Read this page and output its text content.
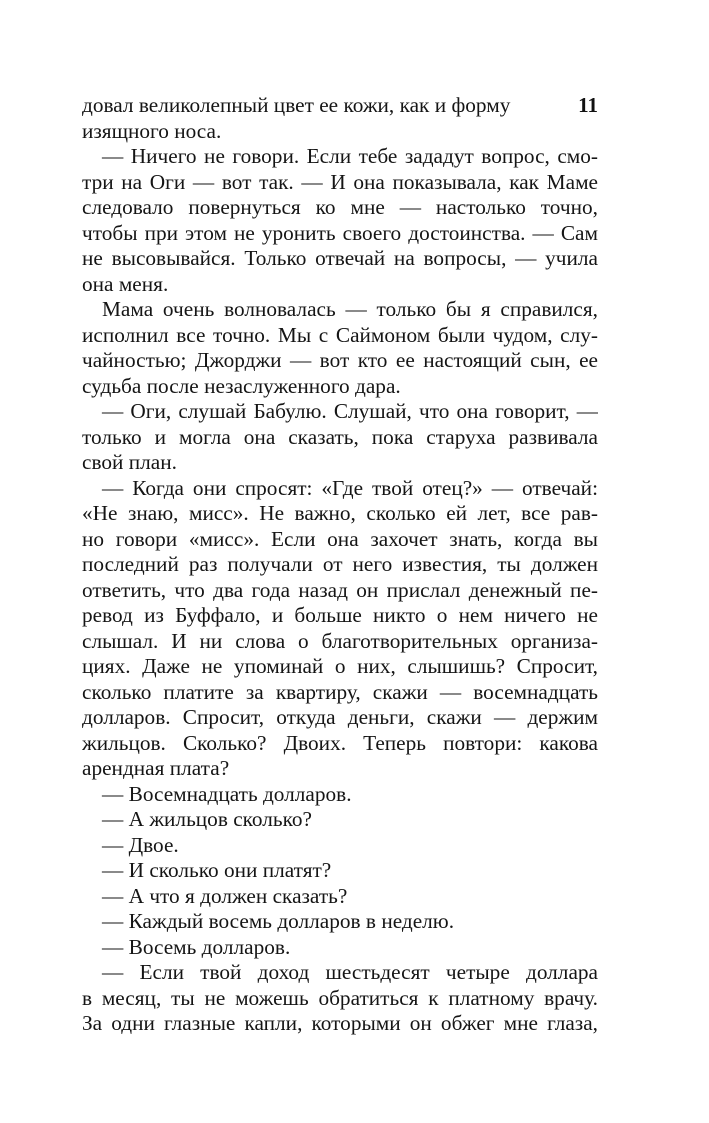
11
довал великолепный цвет ее кожи, как и форму
изящного носа.
— Ничего не говори. Если тебе зададут вопрос, смо-
три на Оги — вот так. — И она показывала, как Маме
следовало повернуться ко мне — настолько точно,
чтобы при этом не уронить своего достоинства. — Сам
не высовывайся. Только отвечай на вопросы, — учила
она меня.
Мама очень волновалась — только бы я справился,
исполнил все точно. Мы с Саймоном были чудом, слу-
чайностью; Джорджи — вот кто ее настоящий сын, ее
судьба после незаслуженного дара.
— Оги, слушай Бабулю. Слушай, что она говорит, —
только и могла она сказать, пока старуха развивала
свой план.
— Когда они спросят: «Где твой отец?» — отвечай:
«Не знаю, мисс». Не важно, сколько ей лет, все рав-
но говори «мисс». Если она захочет знать, когда вы
последний раз получали от него известия, ты должен
ответить, что два года назад он прислал денежный пе-
ревод из Буффало, и больше никто о нем ничего не
слышал. И ни слова о благотворительных организа-
циях. Даже не упоминай о них, слышишь? Спросит,
сколько платите за квартиру, скажи — восемнадцать
долларов. Спросит, откуда деньги, скажи — держим
жильцов. Сколько? Двоих. Теперь повтори: какова
арендная плата?
— Восемнадцать долларов.
— А жильцов сколько?
— Двое.
— И сколько они платят?
— А что я должен сказать?
— Каждый восемь долларов в неделю.
— Восемь долларов.
— Если твой доход шестьдесят четыре доллара
в месяц, ты не можешь обратиться к платному врачу.
За одни глазные капли, которыми он обжег мне глаза,
